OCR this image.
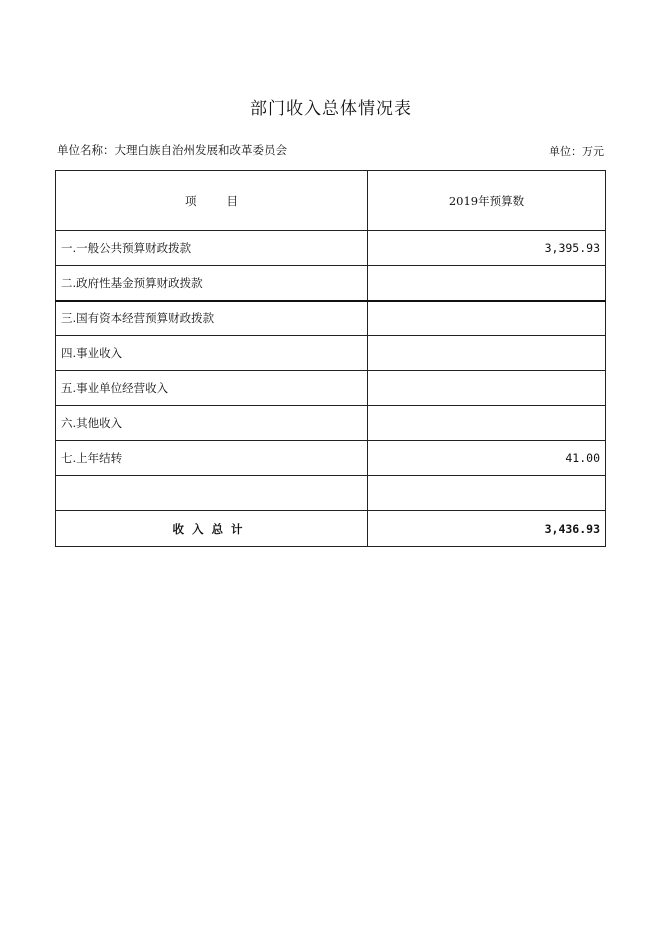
部门收入总体情况表
单位名称：大理白族自治州发展和改革委员会	单位：万元
项目	2019年预算数
一.一般公共预算财政拨款	3,395.93
二.政府性基金预算财政拨款	
三.国有资本经营预算财政拨款	
四.事业收入	
五.事业单位经营收入	
六.其他收入	
七.上年结转	41.00

收入总计	3,436.93
